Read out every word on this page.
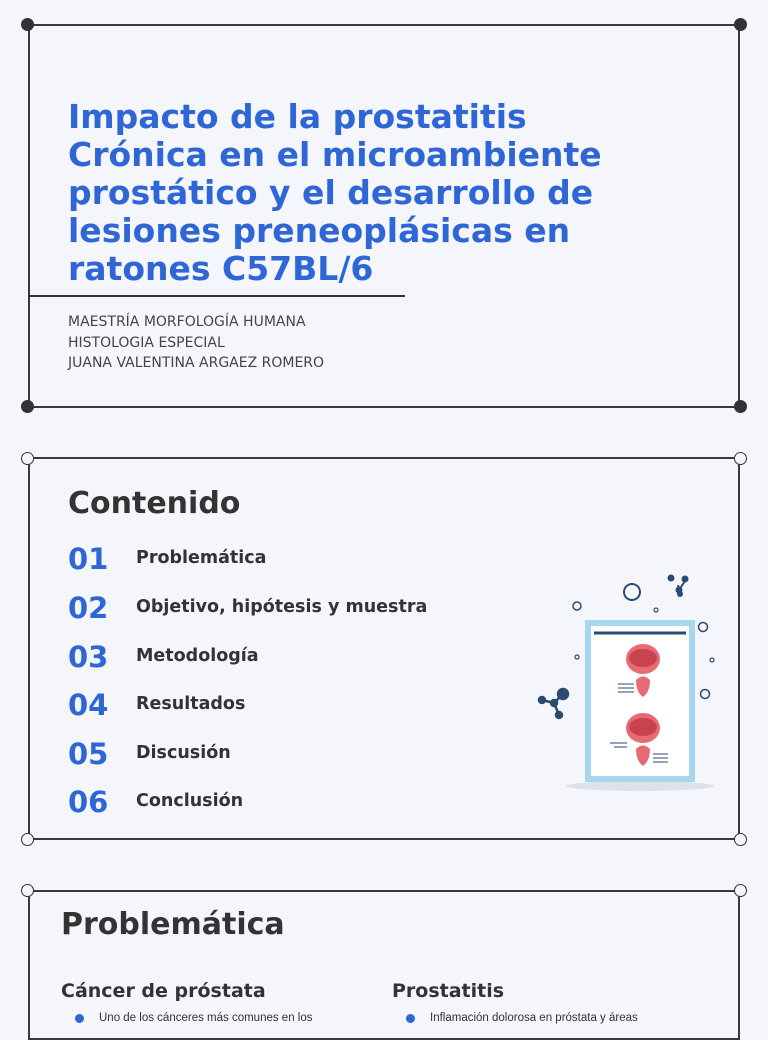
Impacto de la prostatitis Crónica en el microambiente prostático y el desarrollo de lesiones preneoplásicas en ratones C57BL/6
MAESTRÍA MORFOLOGÍA HUMANA
HISTOLOGIA ESPECIAL
JUANA VALENTINA ARGAEZ ROMERO
Contenido
01 Problemática
02 Objetivo, hipótesis y muestra
03 Metodología
04 Resultados
05 Discusión
06 Conclusión
Problemática
Cáncer de próstata	Prostatitis
Uno de los cánceres más comunes en los	Inflamación dolorosa en próstata y áreas
